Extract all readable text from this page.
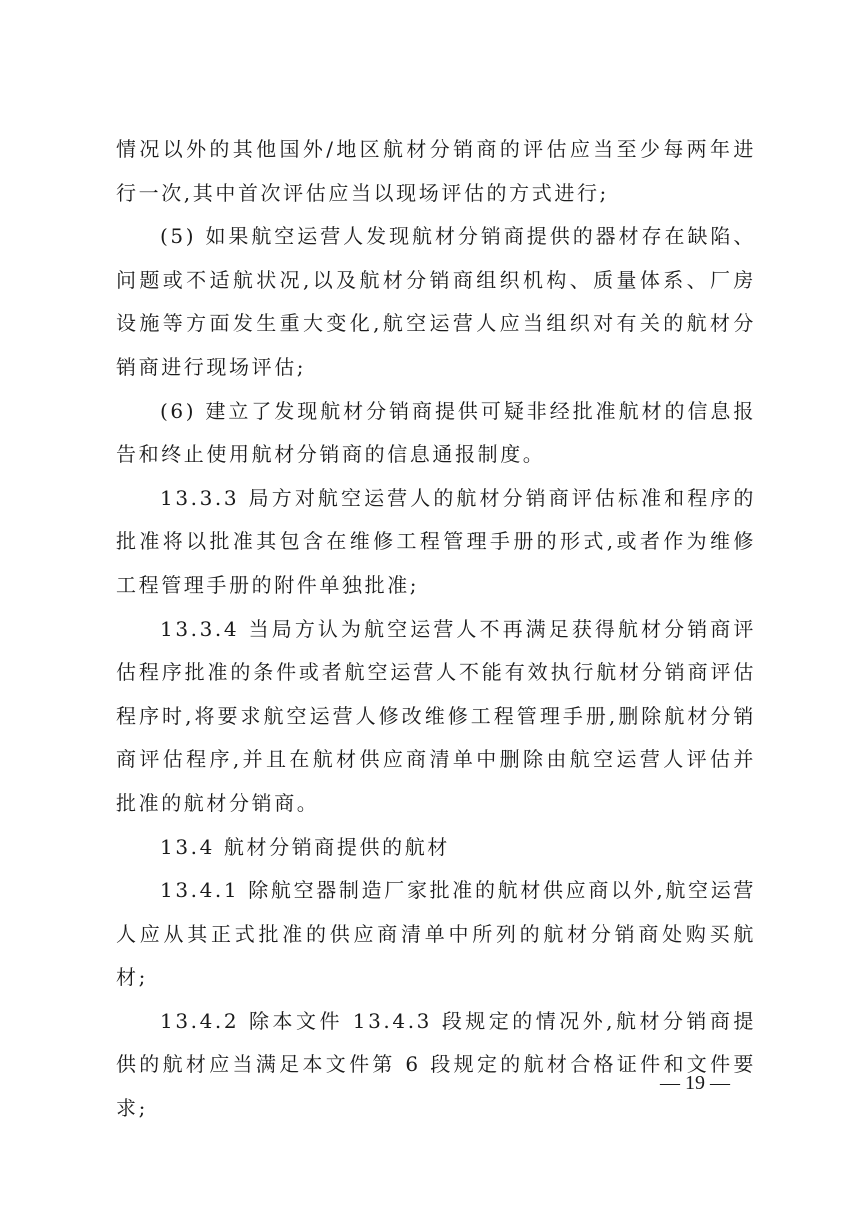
情况以外的其他国外/地区航材分销商的评估应当至少每两年进行一次,其中首次评估应当以现场评估的方式进行;

(5) 如果航空运营人发现航材分销商提供的器材存在缺陷、问题或不适航状况,以及航材分销商组织机构、质量体系、厂房设施等方面发生重大变化,航空运营人应当组织对有关的航材分销商进行现场评估;

(6) 建立了发现航材分销商提供可疑非经批准航材的信息报告和终止使用航材分销商的信息通报制度。

13.3.3 局方对航空运营人的航材分销商评估标准和程序的批准将以批准其包含在维修工程管理手册的形式,或者作为维修工程管理手册的附件单独批准;

13.3.4 当局方认为航空运营人不再满足获得航材分销商评估程序批准的条件或者航空运营人不能有效执行航材分销商评估程序时,将要求航空运营人修改维修工程管理手册,删除航材分销商评估程序,并且在航材供应商清单中删除由航空运营人评估并批准的航材分销商。

13.4 航材分销商提供的航材

13.4.1 除航空器制造厂家批准的航材供应商以外,航空运营人应从其正式批准的供应商清单中所列的航材分销商处购买航材;

13.4.2 除本文件 13.4.3 段规定的情况外,航材分销商提供的航材应当满足本文件第 6 段规定的航材合格证件和文件要求;

— 19 —
